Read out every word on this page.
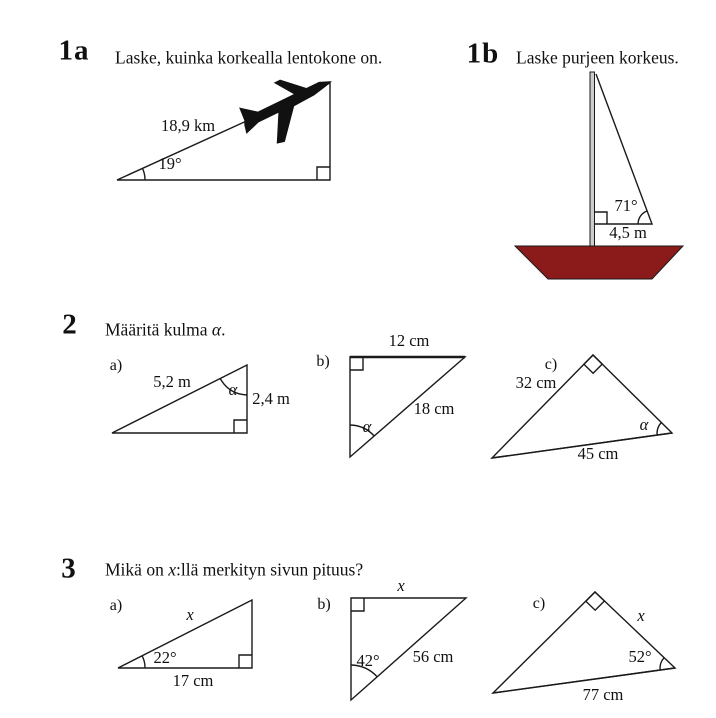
1a Laske, kuinka korkealla lentokone on.
18,9 km
19°
1b Laske purjeen korkeus.
71°
4,5 m
2 Määritä kulma α.
a)
5,2 m α 2,4 m
b)
12 cm
18 cm
α
c)
32 cm
45 cm
α
3 Mikä on x:llä merkityn sivun pituus?
a)	x
22°
17 cm
b)
x
42° 56 cm
c)
x
52°
77 cm
